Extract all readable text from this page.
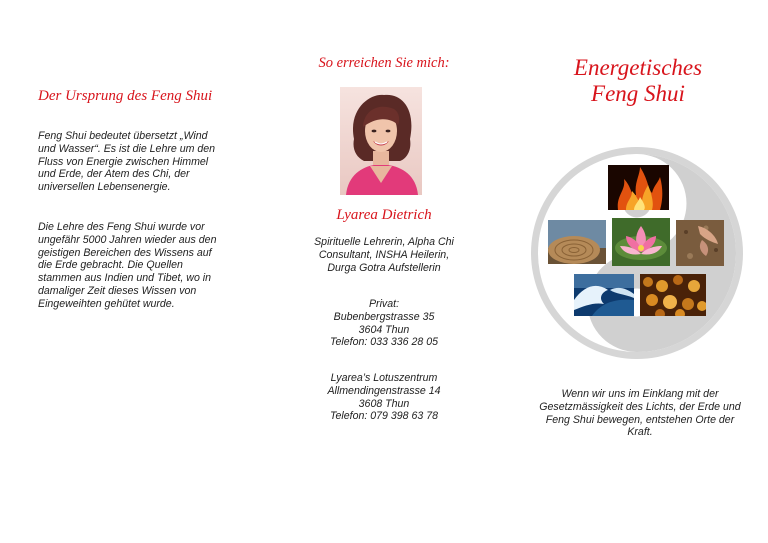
Der Ursprung des Feng Shui

Feng Shui bedeutet übersetzt „Wind und Wasser“. Es ist die Lehre um den Fluss von Energie zwischen Himmel und Erde, der Atem des Chi, der universellen Lebensenergie.

Die Lehre des Feng Shui wurde vor ungefähr 5000 Jahren wieder aus den geistigen Bereichen des Wissens auf die Erde gebracht. Die Quellen stammen aus Indien und Tibet, wo in damaliger Zeit dieses Wissen von Eingeweihten gehütet wurde.

So erreichen Sie mich:
Lyarea Dietrich
Spirituelle Lehrerin, Alpha Chi
Consultant, INSHA Heilerin,
Durga Gotra Aufstellerin
Privat:
Bubenbergstrasse 35
3604 Thun
Telefon: 033 336 28 05
Lyarea’s Lotuszentrum
Allmendingenstrasse 14
3608 Thun
Telefon: 079 398 63 78
Energetisches
Feng Shui

Wenn wir uns im Einklang mit der Gesetzmässigkeit des Lichts, der Erde und Feng Shui bewegen, entstehen Orte der Kraft.
